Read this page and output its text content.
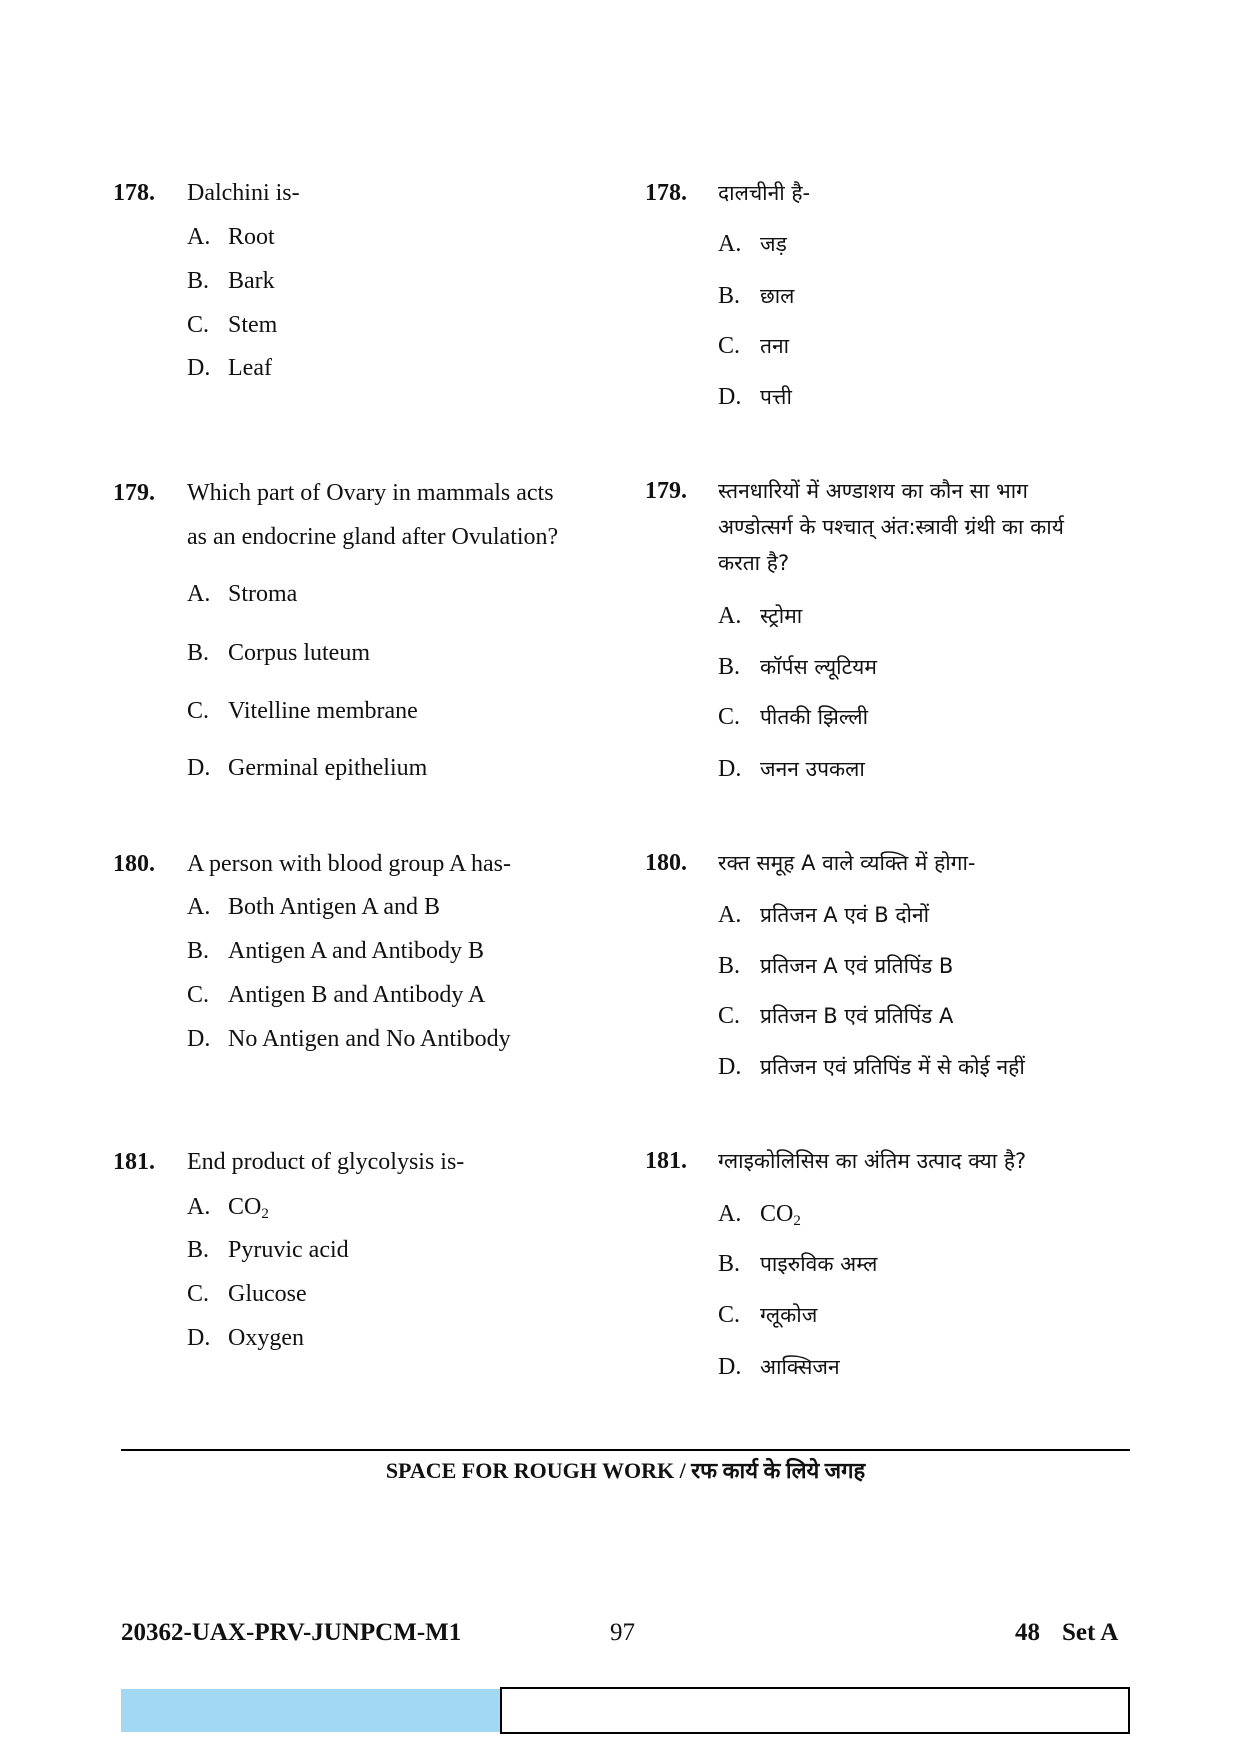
178. Dalchini is-
A. Root
B. Bark
C. Stem
D. Leaf
179. Which part of Ovary in mammals acts
as an endocrine gland after Ovulation?
A. Stroma
B. Corpus luteum
C. Vitelline membrane
D. Germinal epithelium
180. A person with blood group A has-
A. Both Antigen A and B
B. Antigen A and Antibody B
C. Antigen B and Antibody A
D. No Antigen and No Antibody
181. End product of glycolysis is-
A. $CO_2$
B. Pyruvic acid
C. Glucose
D. Oxygen
178. दालचीनी है-
A. जड़
B. छाल
C. तना
D. पत्ती
179. स्तनधारियों में अण्डाशय का कौन सा भाग
अण्डोत्सर्ग के पश्चात् अंत:स्त्रावी ग्रंथी का कार्य
करता है?
A. स्ट्रोमा
B. कॉर्पस ल्यूटियम
C. पीतकी झिल्ली
D. जनन उपकला
180. रक्त समूह A वाले व्यक्ति में होगा-
A. प्रतिजन A एवं B दोनों
B. प्रतिजन A एवं प्रतिपिंड B
C. प्रतिजन B एवं प्रतिपिंड A
D. प्रतिजन एवं प्रतिपिंड में से कोई नहीं
181. ग्लाइकोलिसिस का अंतिम उत्पाद क्या है?
A. $CO_2$
B. पाइरुविक अम्ल
C. ग्लूकोज
D. आक्सिजन
SPACE FOR ROUGH WORK / रफ कार्य के लिये जगह
20362-UAX-PRV-JUNPCM-M1	97	48 Set A
